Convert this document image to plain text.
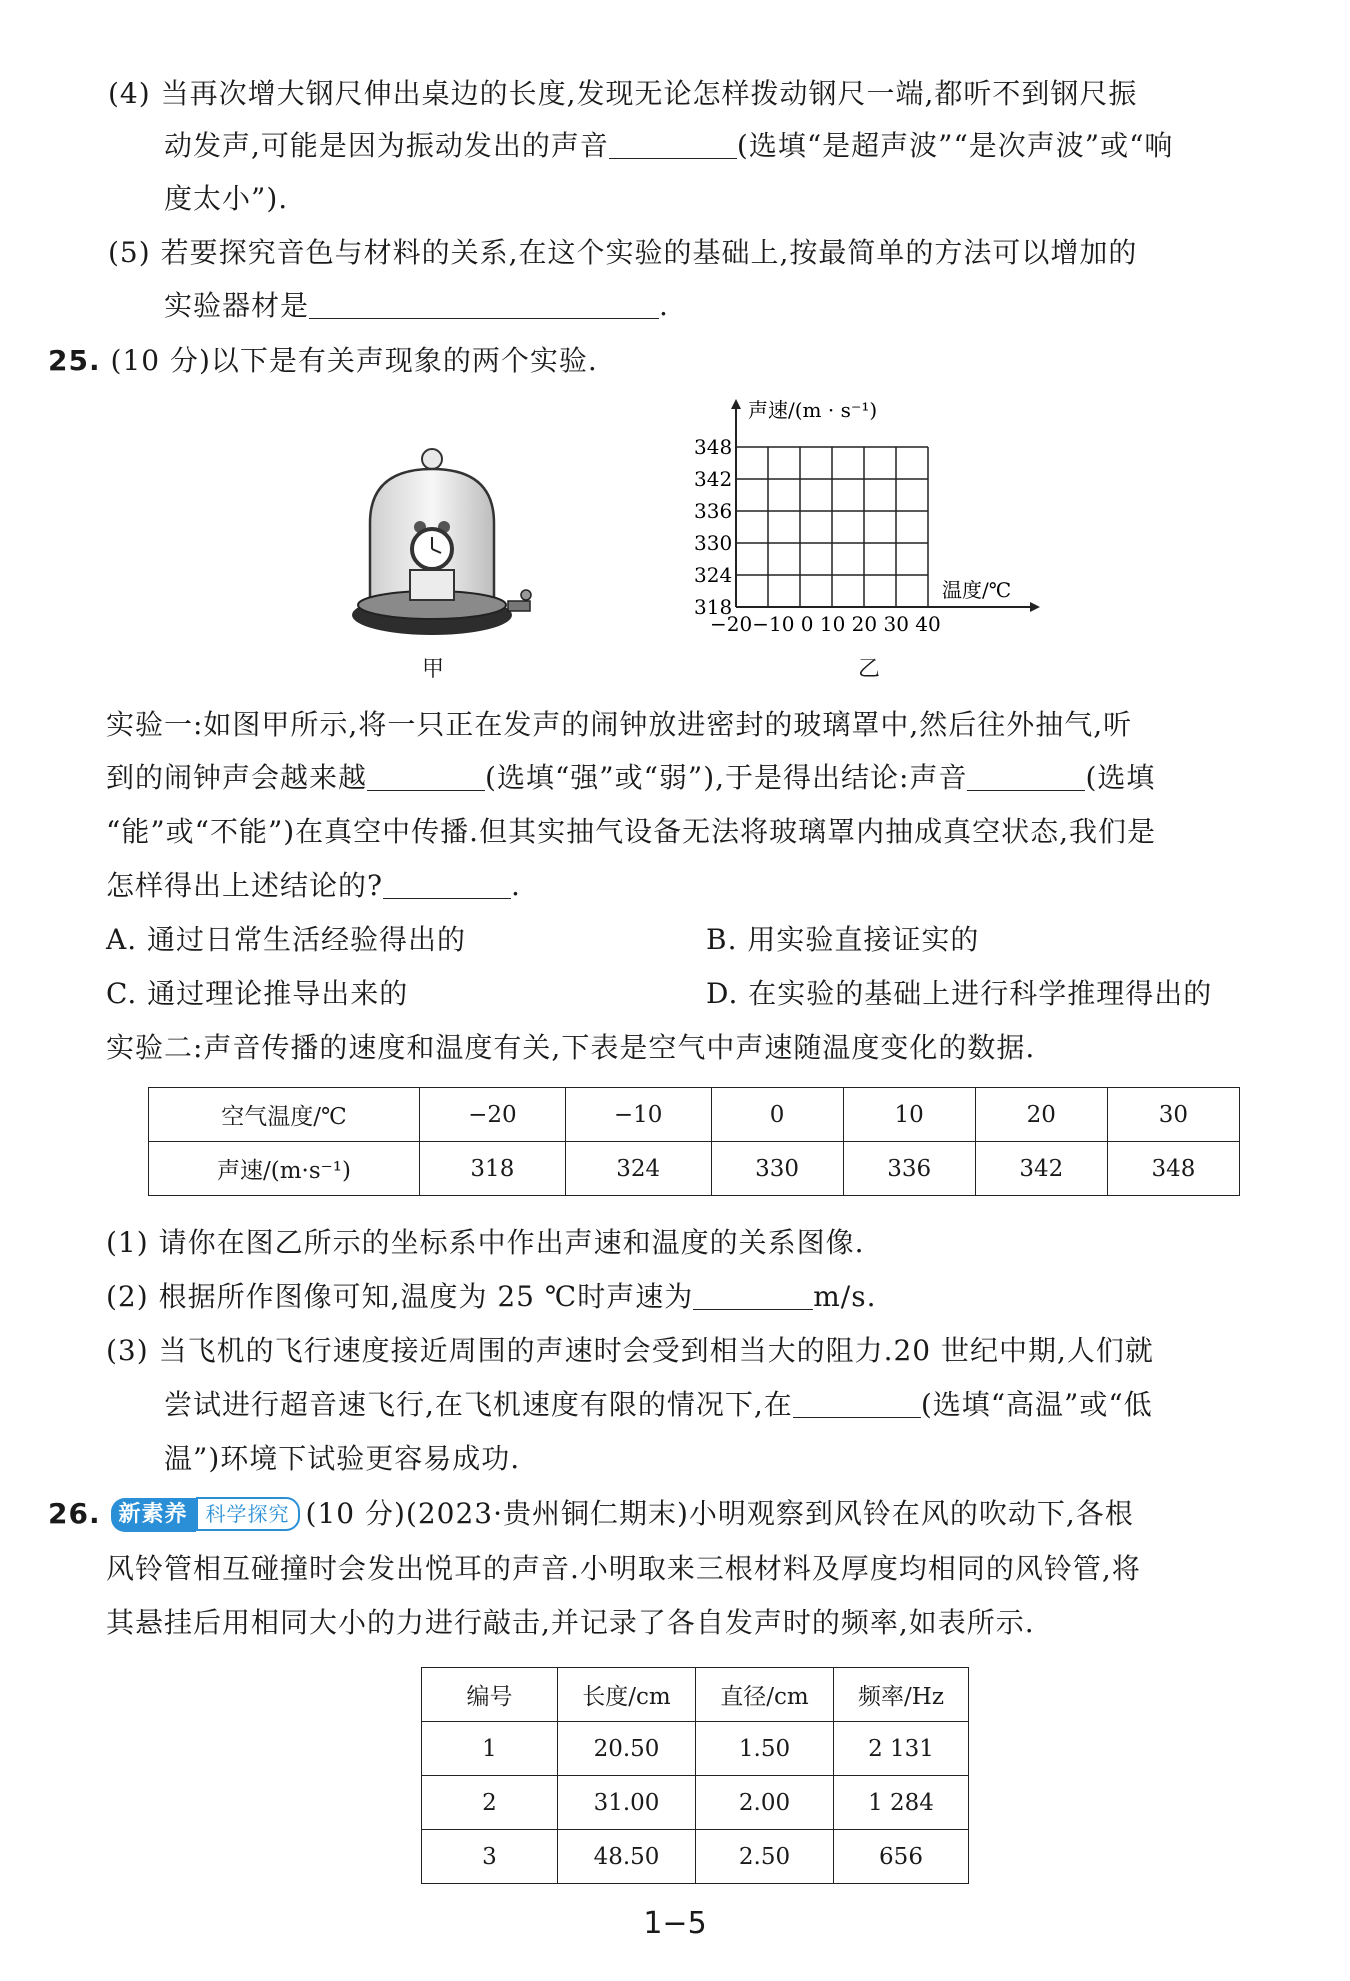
(4) 当再次增大钢尺伸出桌边的长度,发现无论怎样拨动钢尺一端,都听不到钢尺振
动发声,可能是因为振动发出的声音	(选填“是超声波”“是次声波”或“响
度太小”).
(5) 若要探究音色与材料的关系,在这个实验的基础上,按最简单的方法可以增加的
实验器材是	.
25. (10 分)以下是有关声现象的两个实验.
甲
声速/(m · s⁻¹)
温度/℃
348
342
336
330
324
318
−20−10 0 10 20 30 40
乙
实验一:如图甲所示,将一只正在发声的闹钟放进密封的玻璃罩中,然后往外抽气,听
到的闹钟声会越来越	(选填“强”或“弱”),于是得出结论:声音	(选填
“能”或“不能”)在真空中传播.但其实抽气设备无法将玻璃罩内抽成真空状态,我们是
怎样得出上述结论的?	.
A. 通过日常生活经验得出的	B. 用实验直接证实的
C. 通过理论推导出来的	D. 在实验的基础上进行科学推理得出的
实验二:声音传播的速度和温度有关,下表是空气中声速随温度变化的数据.
空气温度/℃	−20	−10	0	10	20	30
声速/(m·s⁻¹)	318	324	330	336	342	348
(1) 请你在图乙所示的坐标系中作出声速和温度的关系图像.
(2) 根据所作图像可知,温度为 25 ℃时声速为	m/s.
(3) 当飞机的飞行速度接近周围的声速时会受到相当大的阻力.20 世纪中期,人们就
尝试进行超音速飞行,在飞机速度有限的情况下,在	(选填“高温”或“低
温”)环境下试验更容易成功.
26. 新素养 科学探究 (10 分)(2023·贵州铜仁期末)小明观察到风铃在风的吹动下,各根
风铃管相互碰撞时会发出悦耳的声音.小明取来三根材料及厚度均相同的风铃管,将
其悬挂后用相同大小的力进行敲击,并记录了各自发声时的频率,如表所示.
编号	长度/cm	直径/cm	频率/Hz
1	20.50	1.50	2 131
2	31.00	2.00	1 284
3	48.50	2.50	656
1−5
